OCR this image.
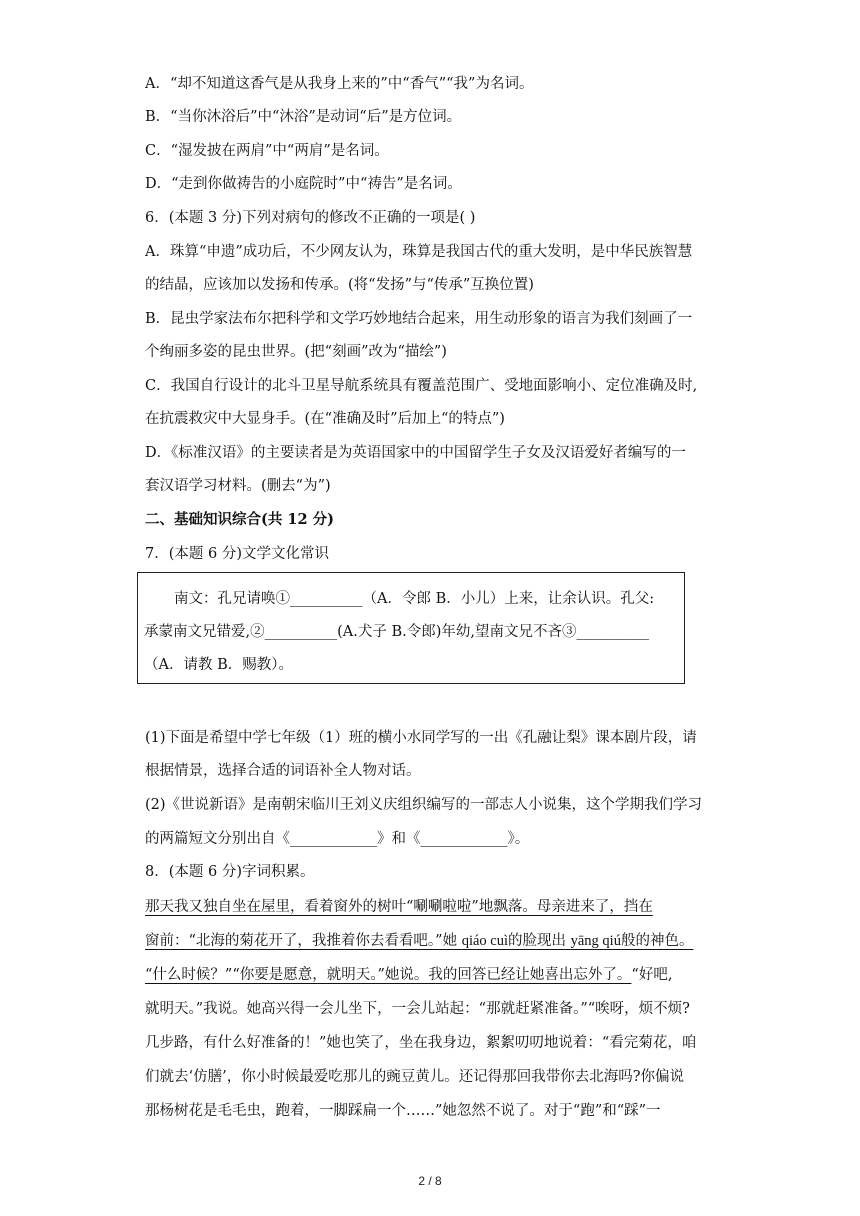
A．“却不知道这香气是从我身上来的”中“香气”“我”为名词。
B．“当你沐浴后”中“沐浴”是动词“后”是方位词。
C．“湿发披在两肩”中“两肩”是名词。
D．“走到你做祷告的小庭院时”中“祷告”是名词。
6．(本题 3 分)下列对病句的修改不正确的一项是( )
A．珠算“申遗”成功后，不少网友认为，珠算是我国古代的重大发明，是中华民族智慧
的结晶，应该加以发扬和传承。(将“发扬”与“传承”互换位置)
B．昆虫学家法布尔把科学和文学巧妙地结合起来，用生动形象的语言为我们刻画了一
个绚丽多姿的昆虫世界。(把“刻画”改为“描绘”)
C．我国自行设计的北斗卫星导航系统具有覆盖范围广、受地面影响小、定位准确及时,
在抗震救灾中大显身手。(在“准确及时”后加上“的特点”)
D．《标准汉语》的主要读者是为英语国家中的中国留学生子女及汉语爱好者编写的一
套汉语学习材料。(删去“为”)
二、基础知识综合(共 12 分)
7．(本题 6 分)文学文化常识
南文：孔兄请唤①__________（A．令郎 B．小儿）上来，让余认识。孔父:
承蒙南文兄错爱,②__________(A.犬子 B.令郎)年幼,望南文兄不吝③__________
（A．请教 B．赐教）。
(1)下面是希望中学七年级（1）班的横小水同学写的一出《孔融让梨》课本剧片段，请
根据情景，选择合适的词语补全人物对话。
(2)《世说新语》是南朝宋临川王刘义庆组织编写的一部志人小说集，这个学期我们学习
的两篇短文分别出自《____________》和《____________》。
8．(本题 6 分)字词积累。
那天我又独自坐在屋里，看着窗外的树叶“唰唰啦啦”地飘落。母亲进来了，挡在
窗前：“北海的菊花开了，我推着你去看看吧。”她 qiáo cuì的脸现出 yāng qiú般的神色。
“什么时候？”“你要是愿意，就明天。”她说。我的回答已经让她喜出忘外了。“好吧,
就明天。”我说。她高兴得一会儿坐下，一会儿站起：“那就赶紧准备。”“唉呀，烦不烦?
几步路，有什么好准备的！”她也笑了，坐在我身边，絮絮叨叨地说着：“看完菊花，咱
们就去‘仿膳’，你小时候最爱吃那儿的豌豆黄儿。还记得那回我带你去北海吗?你偏说
那杨树花是毛毛虫，跑着，一脚踩扁一个……”她忽然不说了。对于“跑”和“踩”一
2 / 8
